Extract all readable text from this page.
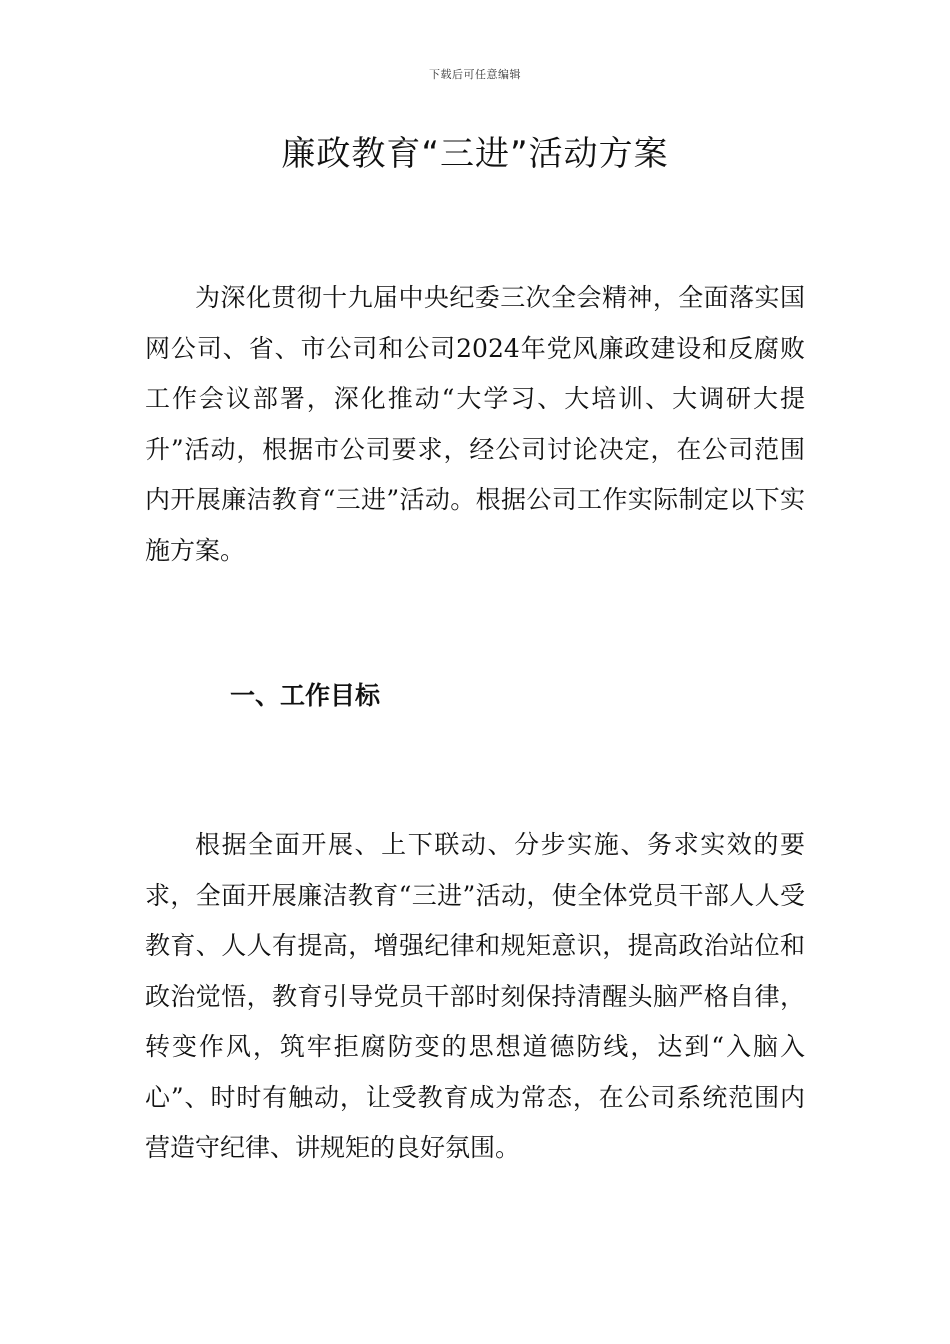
下载后可任意编辑
廉政教育“三进”活动方案

为深化贯彻十九届中央纪委三次全会精神，全面落实国网公司、省、市公司和公司2024年党风廉政建设和反腐败工作会议部署，深化推动“大学习、大培训、大调研大提升”活动，根据市公司要求，经公司讨论决定，在公司范围内开展廉洁教育“三进”活动。根据公司工作实际制定以下实施方案。

一、工作目标

根据全面开展、上下联动、分步实施、务求实效的要求，全面开展廉洁教育“三进”活动，使全体党员干部人人受教育、人人有提高，增强纪律和规矩意识，提高政治站位和政治觉悟，教育引导党员干部时刻保持清醒头脑严格自律，转变作风，筑牢拒腐防变的思想道德防线，达到“入脑入心”、时时有触动，让受教育成为常态，在公司系统范围内营造守纪律、讲规矩的良好氛围。
